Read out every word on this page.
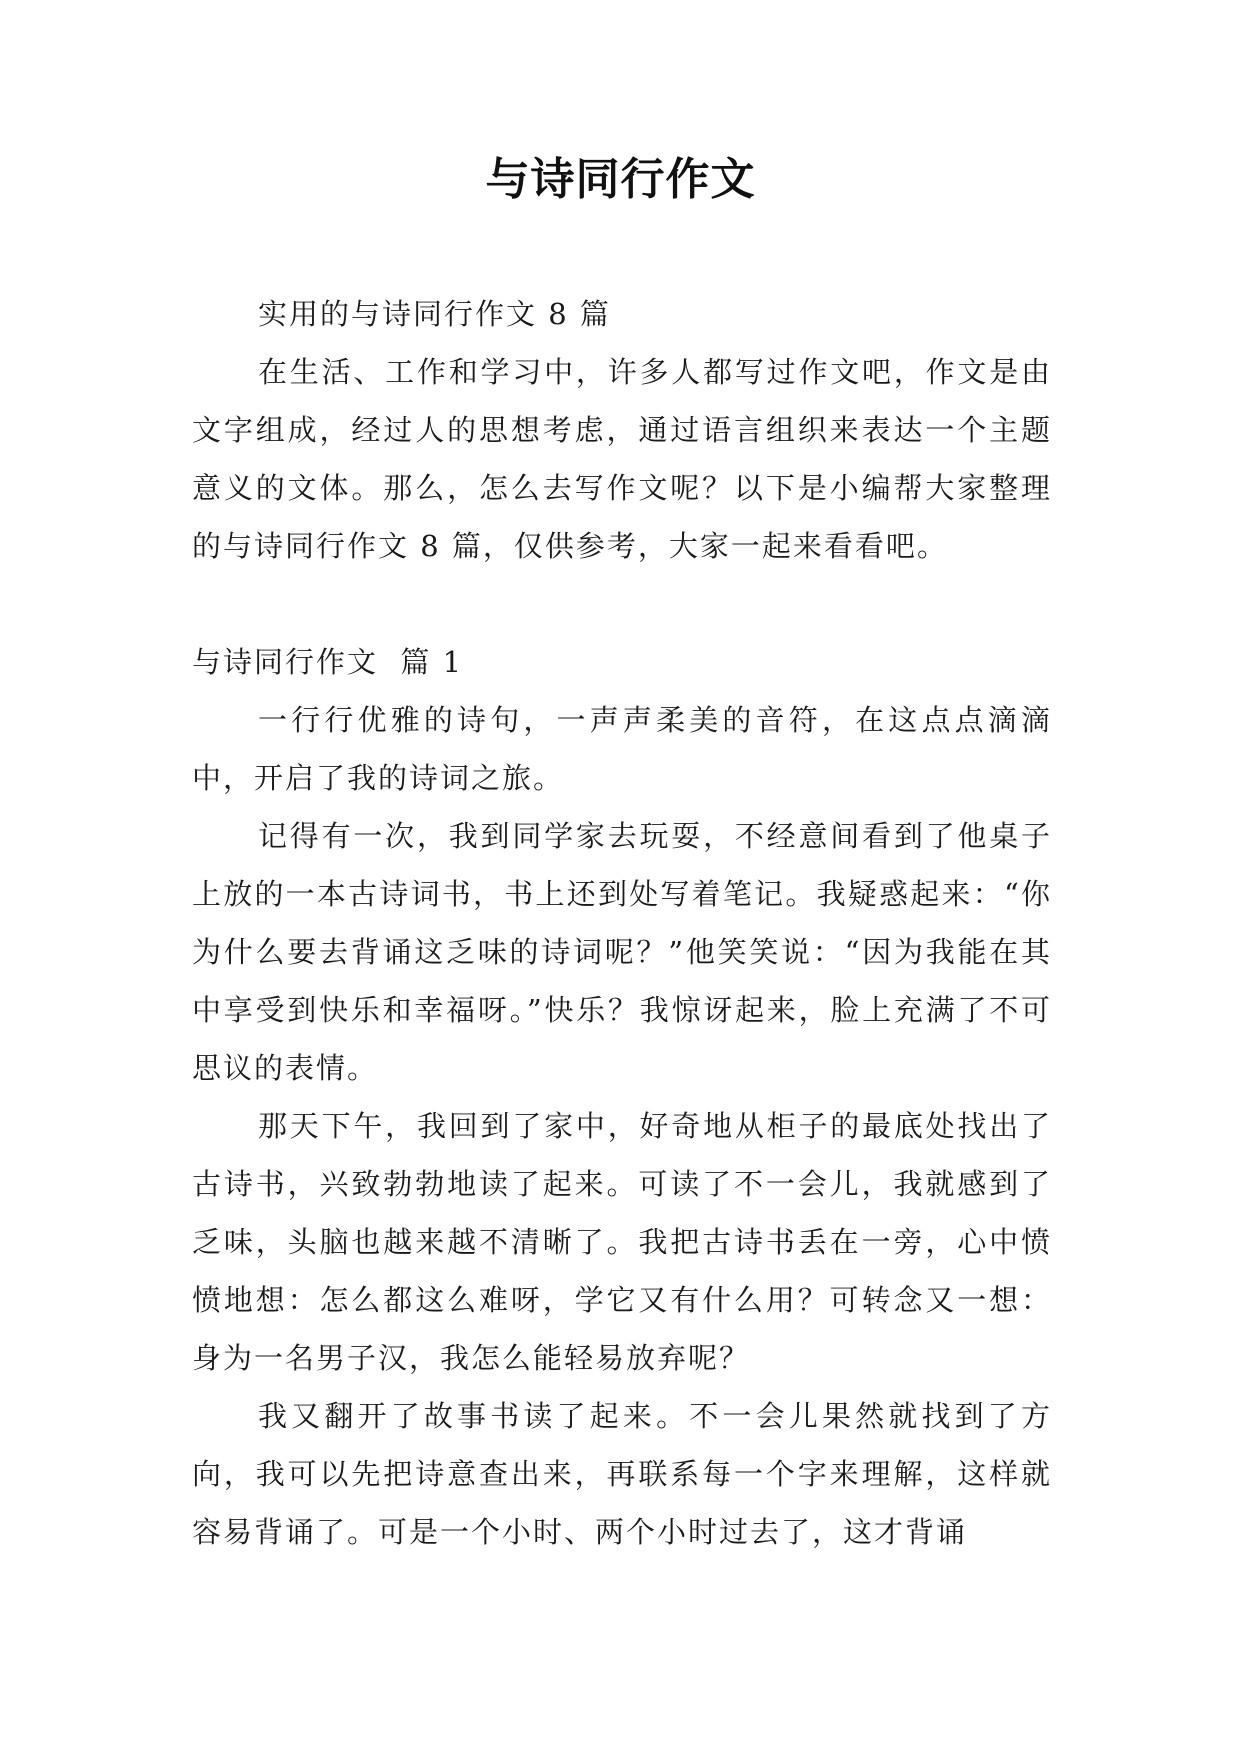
与诗同行作文

实用的与诗同行作文 8 篇

在生活、工作和学习中，许多人都写过作文吧，作文是由文字组成，经过人的思想考虑，通过语言组织来表达一个主题意义的文体。那么，怎么去写作文呢？以下是小编帮大家整理的与诗同行作文 8 篇，仅供参考，大家一起来看看吧。

与诗同行作文  篇 1

一行行优雅的诗句，一声声柔美的音符，在这点点滴滴中，开启了我的诗词之旅。

记得有一次，我到同学家去玩耍，不经意间看到了他桌子上放的一本古诗词书，书上还到处写着笔记。我疑惑起来：“你为什么要去背诵这乏味的诗词呢？”他笑笑说：“因为我能在其中享受到快乐和幸福呀。”快乐？我惊讶起来，脸上充满了不可思议的表情。

那天下午，我回到了家中，好奇地从柜子的最底处找出了古诗书，兴致勃勃地读了起来。可读了不一会儿，我就感到了乏味，头脑也越来越不清晰了。我把古诗书丢在一旁，心中愤愤地想：怎么都这么难呀，学它又有什么用？可转念又一想：身为一名男子汉，我怎么能轻易放弃呢？

我又翻开了故事书读了起来。不一会儿果然就找到了方向，我可以先把诗意查出来，再联系每一个字来理解，这样就容易背诵了。可是一个小时、两个小时过去了，这才背诵
